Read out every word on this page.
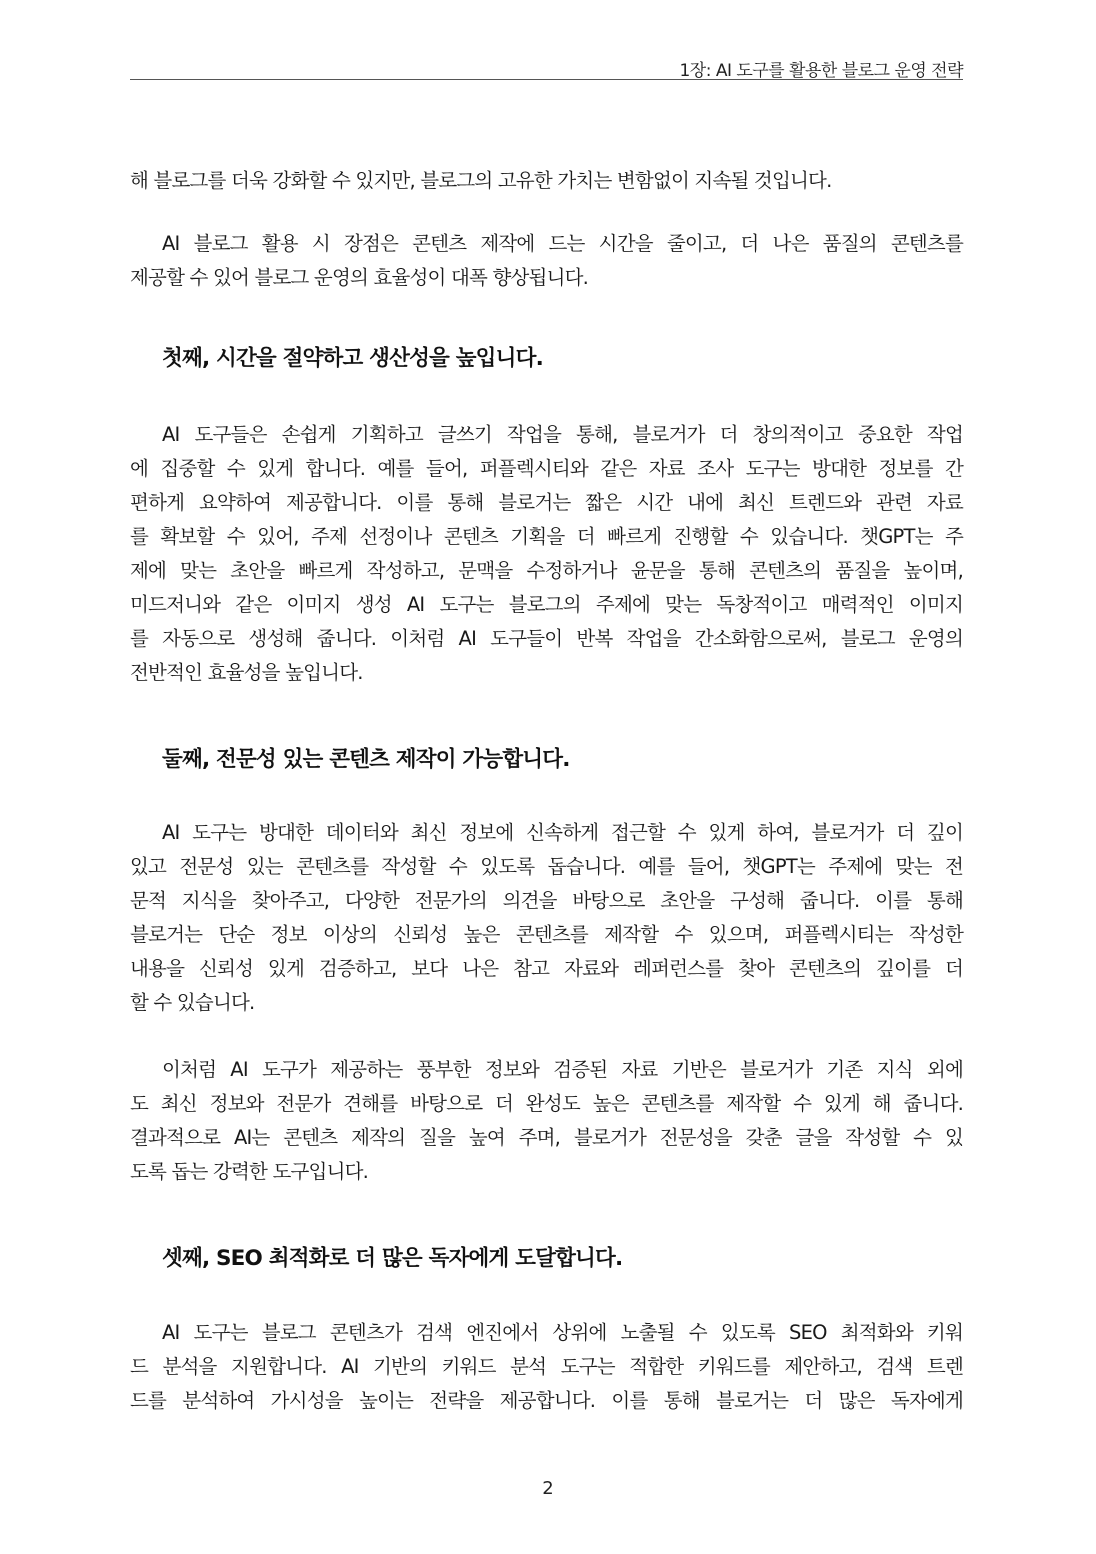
1장: AI 도구를 활용한 블로그 운영 전략
해 블로그를 더욱 강화할 수 있지만, 블로그의 고유한 가치는 변함없이 지속될 것입니다.
AI 블로그 활용 시 장점은 콘텐츠 제작에 드는 시간을 줄이고, 더 나은 품질의 콘텐츠를
제공할 수 있어 블로그 운영의 효율성이 대폭 향상됩니다.
첫째, 시간을 절약하고 생산성을 높입니다.
AI 도구들은 손쉽게 기획하고 글쓰기 작업을 통해, 블로거가 더 창의적이고 중요한 작업
에 집중할 수 있게 합니다. 예를 들어, 퍼플렉시티와 같은 자료 조사 도구는 방대한 정보를 간
편하게 요약하여 제공합니다. 이를 통해 블로거는 짧은 시간 내에 최신 트렌드와 관련 자료
를 확보할 수 있어, 주제 선정이나 콘텐츠 기획을 더 빠르게 진행할 수 있습니다. 챗GPT는 주
제에 맞는 초안을 빠르게 작성하고, 문맥을 수정하거나 윤문을 통해 콘텐츠의 품질을 높이며,
미드저니와 같은 이미지 생성 AI 도구는 블로그의 주제에 맞는 독창적이고 매력적인 이미지
를 자동으로 생성해 줍니다. 이처럼 AI 도구들이 반복 작업을 간소화함으로써, 블로그 운영의
전반적인 효율성을 높입니다.
둘째, 전문성 있는 콘텐츠 제작이 가능합니다.
AI 도구는 방대한 데이터와 최신 정보에 신속하게 접근할 수 있게 하여, 블로거가 더 깊이
있고 전문성 있는 콘텐츠를 작성할 수 있도록 돕습니다. 예를 들어, 챗GPT는 주제에 맞는 전
문적 지식을 찾아주고, 다양한 전문가의 의견을 바탕으로 초안을 구성해 줍니다. 이를 통해
블로거는 단순 정보 이상의 신뢰성 높은 콘텐츠를 제작할 수 있으며, 퍼플렉시티는 작성한
내용을 신뢰성 있게 검증하고, 보다 나은 참고 자료와 레퍼런스를 찾아 콘텐츠의 깊이를 더
할 수 있습니다.
이처럼 AI 도구가 제공하는 풍부한 정보와 검증된 자료 기반은 블로거가 기존 지식 외에
도 최신 정보와 전문가 견해를 바탕으로 더 완성도 높은 콘텐츠를 제작할 수 있게 해 줍니다.
결과적으로 AI는 콘텐츠 제작의 질을 높여 주며, 블로거가 전문성을 갖춘 글을 작성할 수 있
도록 돕는 강력한 도구입니다.
셋째, SEO 최적화로 더 많은 독자에게 도달합니다.
AI 도구는 블로그 콘텐츠가 검색 엔진에서 상위에 노출될 수 있도록 SEO 최적화와 키워
드 분석을 지원합니다. AI 기반의 키워드 분석 도구는 적합한 키워드를 제안하고, 검색 트렌
드를 분석하여 가시성을 높이는 전략을 제공합니다. 이를 통해 블로거는 더 많은 독자에게
2
